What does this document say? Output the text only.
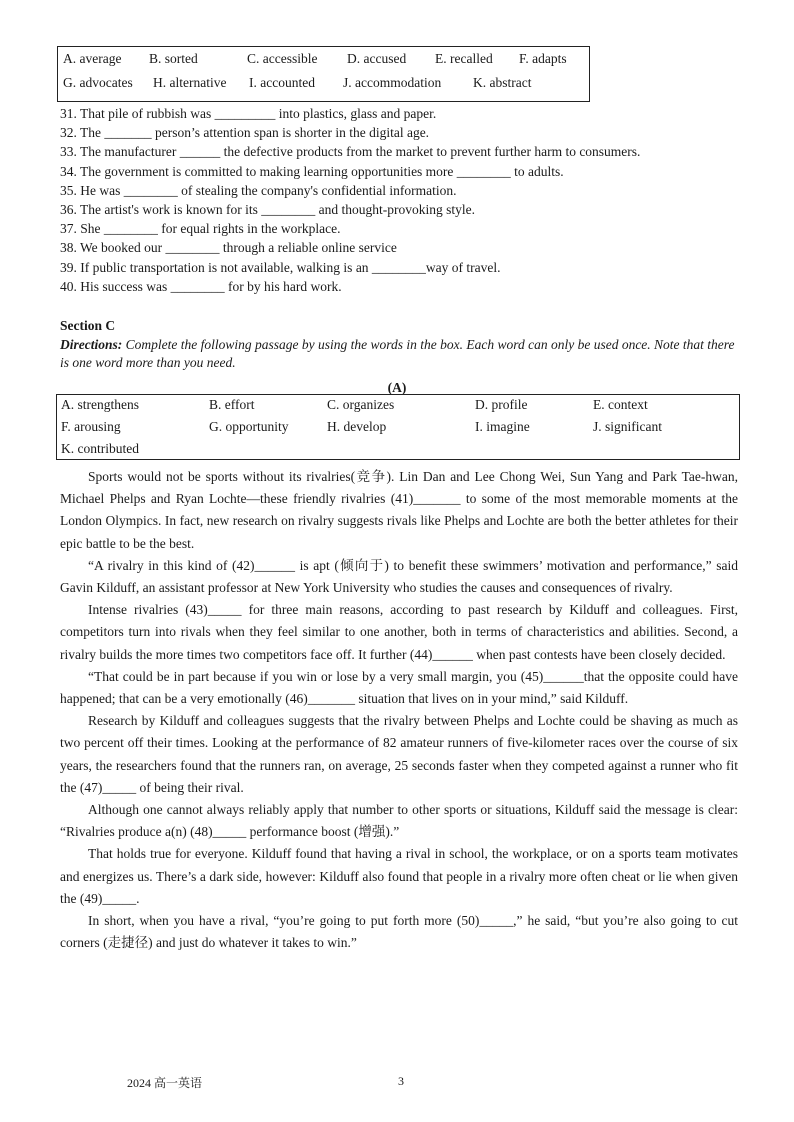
A. average B. sorted	C. accessible D. accused E. recalled F. adapts
G. advocates H. alternative I. accounted J. accommodation K. abstract
31. That pile of rubbish was _________ into plastics, glass and paper.
32. The _______ person’s attention span is shorter in the digital age.
33. The manufacturer ______ the defective products from the market to prevent further harm to consumers.
34. The government is committed to making learning opportunities more ________ to adults.
35. He was ________ of stealing the company's confidential information.
36. The artist's work is known for its ________ and thought-provoking style.
37. She ________ for equal rights in the workplace.
38. We booked our ________ through a reliable online service
39. If public transportation is not available, walking is an ________way of travel.
40. His success was ________ for by his hard work.
Section C
Directions: Complete the following passage by using the words in the box. Each word can only be used once. Note that there is one word more than you need.
(A)
A. strengthens	B. effort	C. organizes	D. profile	E. context
F. arousing	G. opportunity	H. develop	I. imagine	J. significant
K. contributed

Sports would not be sports without its rivalries(竞争). Lin Dan and Lee Chong Wei, Sun Yang and Park Tae-hwan, Michael Phelps and Ryan Lochte—these friendly rivalries (41)_______ to some of the most memorable moments at the London Olympics. In fact, new research on rivalry suggests rivals like Phelps and Lochte are both the better athletes for their epic battle to be the best.

“A rivalry in this kind of (42)______ is apt (倾向于) to benefit these swimmers’ motivation and performance,” said Gavin Kilduff, an assistant professor at New York University who studies the causes and consequences of rivalry.

Intense rivalries (43)_____ for three main reasons, according to past research by Kilduff and colleagues. First, competitors turn into rivals when they feel similar to one another, both in terms of characteristics and abilities. Second, a rivalry builds the more times two competitors face off. It further (44)______ when past contests have been closely decided.

“That could be in part because if you win or lose by a very small margin, you (45)______that the opposite could have happened; that can be a very emotionally (46)_______ situation that lives on in your mind,” said Kilduff.

Research by Kilduff and colleagues suggests that the rivalry between Phelps and Lochte could be shaving as much as two percent off their times. Looking at the performance of 82 amateur runners of five-kilometer races over the course of six years, the researchers found that the runners ran, on average, 25 seconds faster when they competed against a runner who fit the (47)_____ of being their rival.

Although one cannot always reliably apply that number to other sports or situations, Kilduff said the message is clear: “Rivalries produce a(n) (48)_____ performance boost (增强).”

That holds true for everyone. Kilduff found that having a rival in school, the workplace, or on a sports team motivates and energizes us. There’s a dark side, however: Kilduff also found that people in a rivalry more often cheat or lie when given the (49)_____.

In short, when you have a rival, “you’re going to put forth more (50)_____,” he said, “but you’re also going to cut corners (走捷径) and just do whatever it takes to win.”

2024 高一英语	3
